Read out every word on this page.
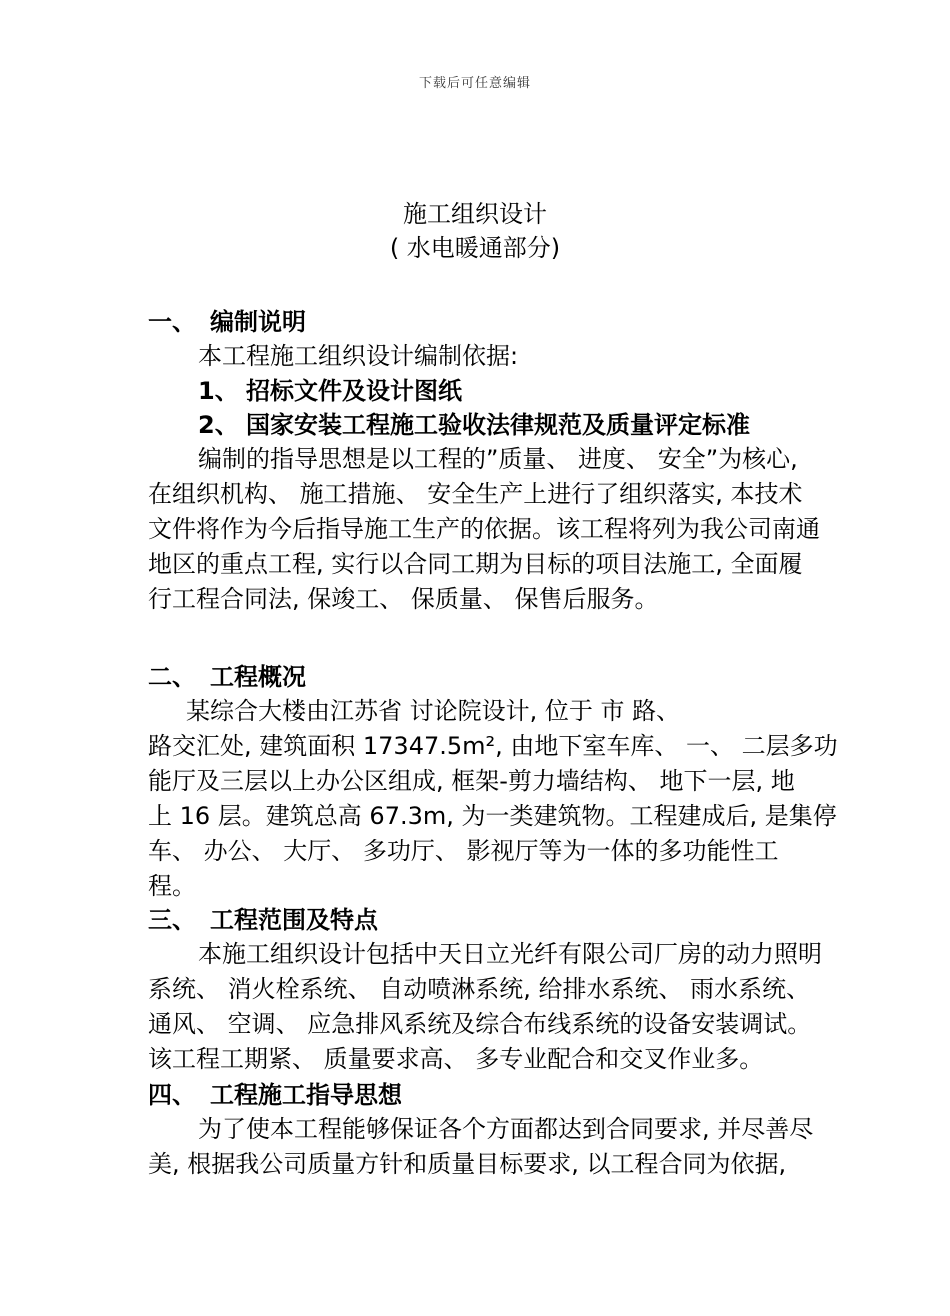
下载后可任意编辑
施工组织设计
( 水电暖通部分)
一、 编制说明
本工程施工组织设计编制依据:
1、 招标文件及设计图纸
2、 国家安装工程施工验收法律规范及质量评定标准
编制的指导思想是以工程的”质量、 进度、 安全”为核心,
在组织机构、 施工措施、 安全生产上进行了组织落实, 本技术
文件将作为今后指导施工生产的依据。该工程将列为我公司南通
地区的重点工程, 实行以合同工期为目标的项目法施工, 全面履
行工程合同法, 保竣工、 保质量、 保售后服务。
二、 工程概况
某综合大楼由江苏省 讨论院设计, 位于 市 路、
路交汇处, 建筑面积 17347.5m², 由地下室车库、 一、 二层多功
能厅及三层以上办公区组成, 框架-剪力墙结构、 地下一层, 地
上 16 层。建筑总高 67.3m, 为一类建筑物。工程建成后, 是集停
车、 办公、 大厅、 多功厅、 影视厅等为一体的多功能性工
程。
三、 工程范围及特点
本施工组织设计包括中天日立光纤有限公司厂房的动力照明
系统、 消火栓系统、 自动喷淋系统, 给排水系统、 雨水系统、
通风、 空调、 应急排风系统及综合布线系统的设备安装调试。
该工程工期紧、 质量要求高、 多专业配合和交叉作业多。
四、 工程施工指导思想
为了使本工程能够保证各个方面都达到合同要求, 并尽善尽
美, 根据我公司质量方针和质量目标要求, 以工程合同为依据,
